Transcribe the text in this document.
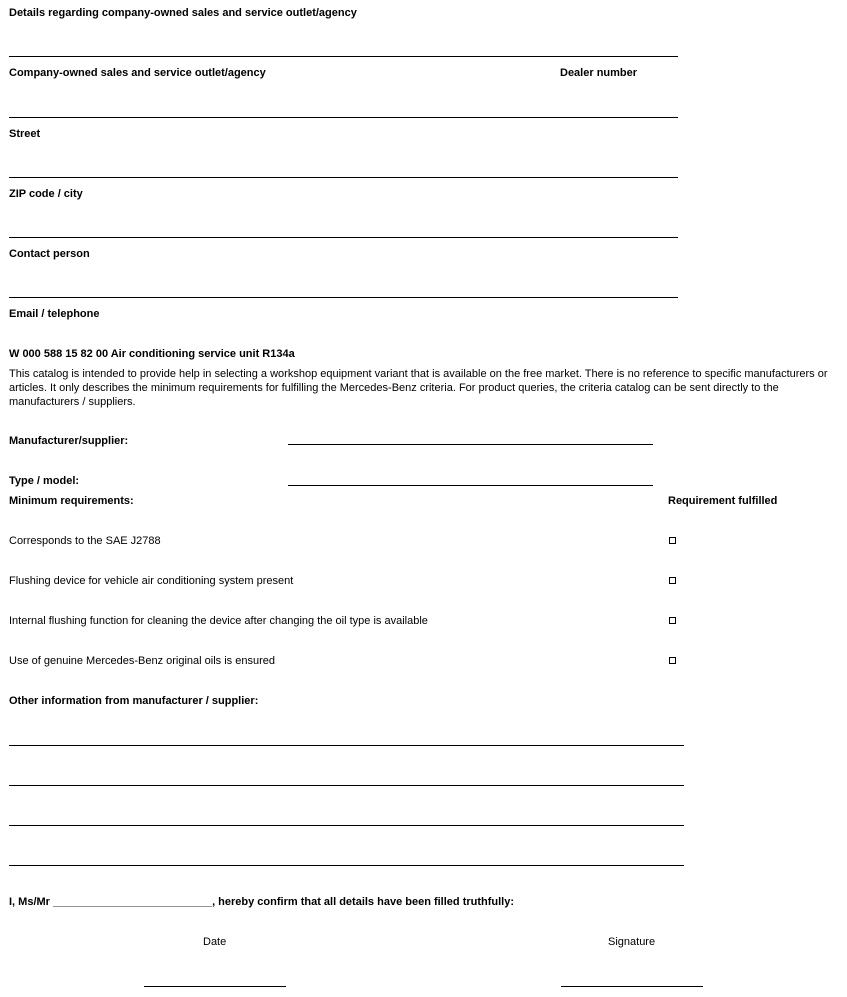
Details regarding company-owned sales and service outlet/agency
Company-owned sales and service outlet/agency	Dealer number
Street
ZIP code / city
Contact person
Email / telephone
W 000 588 15 82 00 Air conditioning service unit R134a
This catalog is intended to provide help in selecting a workshop equipment variant that is available on the free market. There is no reference to specific manufacturers or articles. It only describes the minimum requirements for fulfilling the Mercedes-Benz criteria. For product queries, the criteria catalog can be sent directly to the manufacturers / suppliers.
Manufacturer/supplier:
Type / model:
Minimum requirements:	Requirement fulfilled
Corresponds to the SAE J2788
Flushing device for vehicle air conditioning system present
Internal flushing function for cleaning the device after changing the oil type is available
Use of genuine Mercedes-Benz original oils is ensured
Other information from manufacturer / supplier:
I, Ms/Mr __________________________, hereby confirm that all details have been filled truthfully:
Date	Signature
